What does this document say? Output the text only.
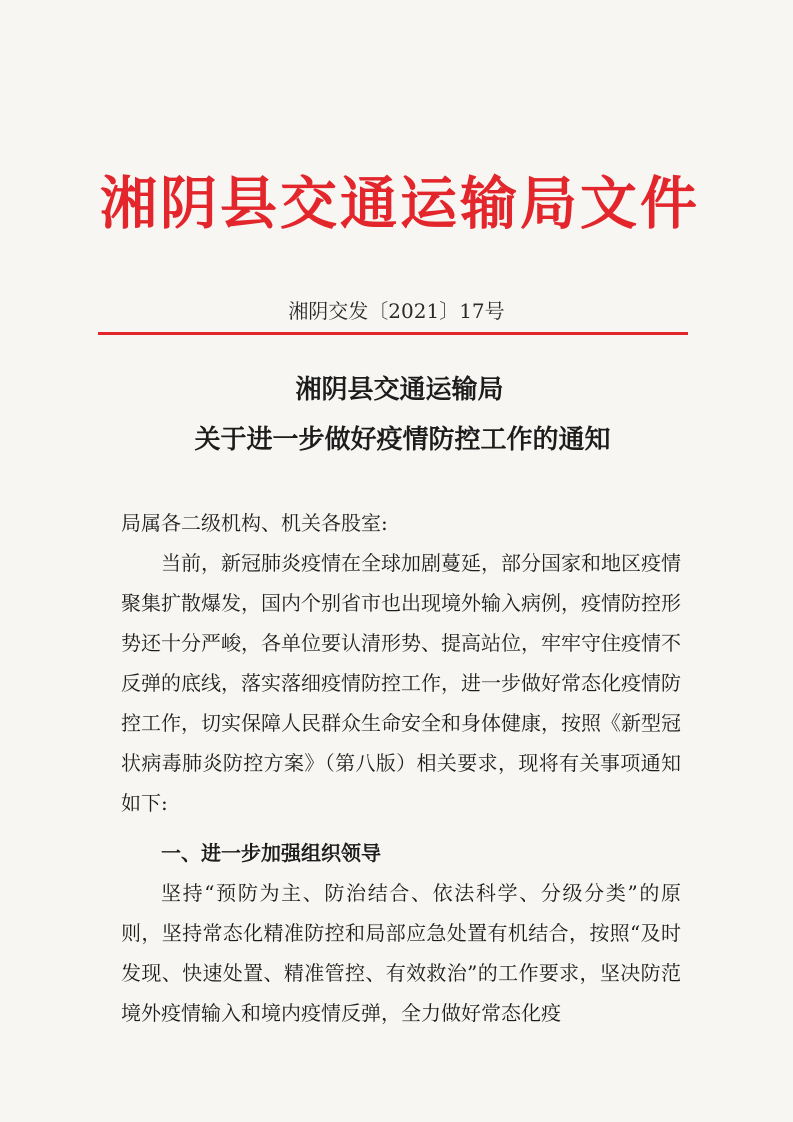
湘阴县交通运输局文件
湘阴交发〔2021〕17号
湘阴县交通运输局
关于进一步做好疫情防控工作的通知
局属各二级机构、机关各股室:
当前，新冠肺炎疫情在全球加剧蔓延，部分国家和地区疫情聚集扩散爆发，国内个别省市也出现境外输入病例，疫情防控形势还十分严峻，各单位要认清形势、提高站位，牢牢守住疫情不反弹的底线，落实落细疫情防控工作，进一步做好常态化疫情防控工作，切实保障人民群众生命安全和身体健康，按照《新型冠状病毒肺炎防控方案》（第八版）相关要求，现将有关事项通知如下:
一、进一步加强组织领导
坚持“预防为主、防治结合、依法科学、分级分类”的原则，坚持常态化精准防控和局部应急处置有机结合，按照“及时发现、快速处置、精准管控、有效救治”的工作要求，坚决防范境外疫情输入和境内疫情反弹，全力做好常态化疫
